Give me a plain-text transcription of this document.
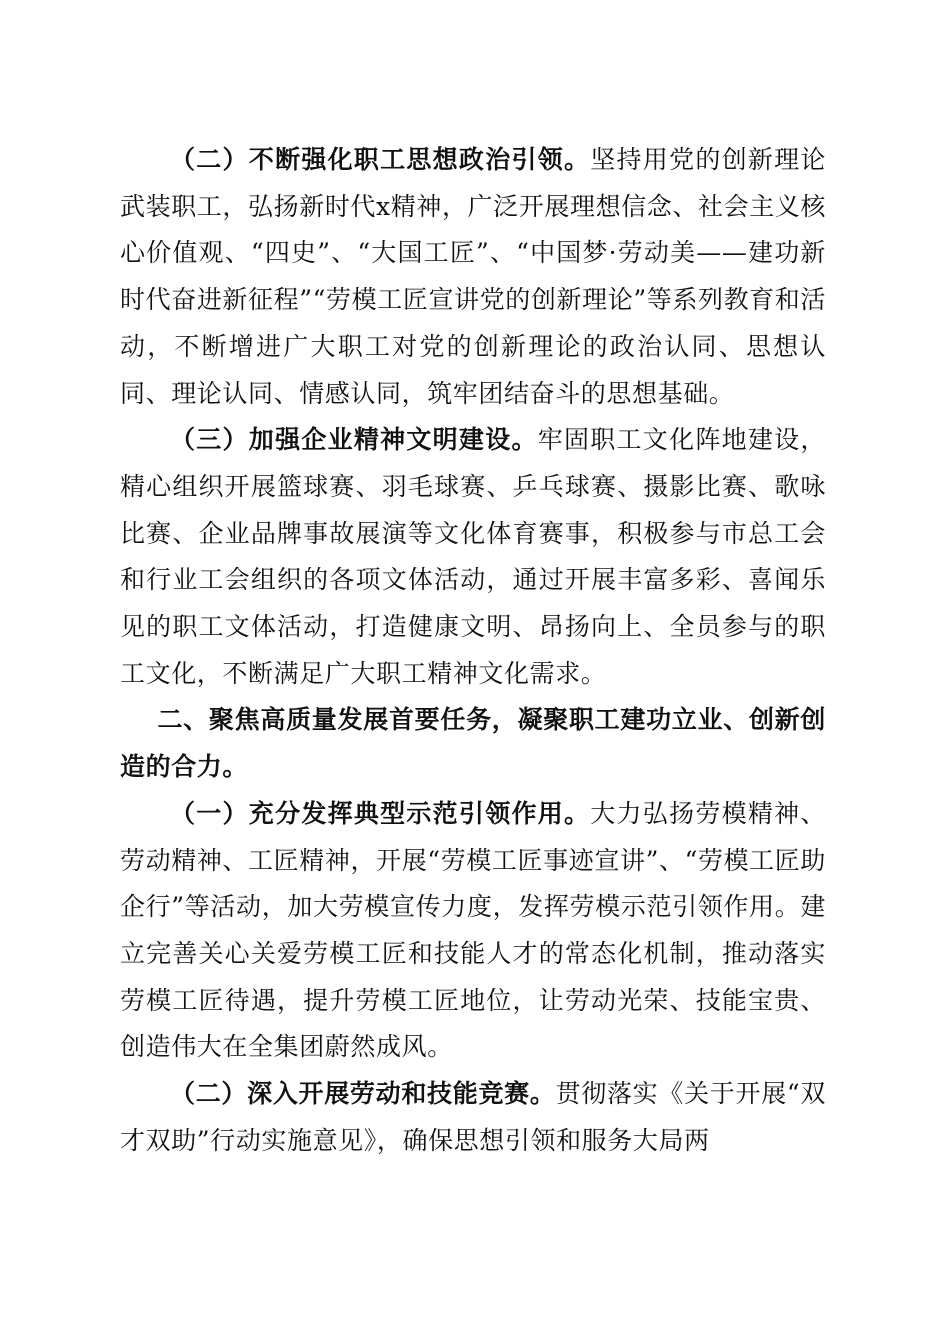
（二）不断强化职工思想政治引领。坚持用党的创新理论武装职工，弘扬新时代x精神，广泛开展理想信念、社会主义核心价值观、“四史”、“大国工匠”、“中国梦·劳动美——建功新时代奋进新征程”“劳模工匠宣讲党的创新理论”等系列教育和活动，不断增进广大职工对党的创新理论的政治认同、思想认同、理论认同、情感认同，筑牢团结奋斗的思想基础。

（三）加强企业精神文明建设。牢固职工文化阵地建设，精心组织开展篮球赛、羽毛球赛、乒乓球赛、摄影比赛、歌咏比赛、企业品牌事故展演等文化体育赛事，积极参与市总工会和行业工会组织的各项文体活动，通过开展丰富多彩、喜闻乐见的职工文体活动，打造健康文明、昂扬向上、全员参与的职工文化，不断满足广大职工精神文化需求。

二、聚焦高质量发展首要任务，凝聚职工建功立业、创新创造的合力。

（一）充分发挥典型示范引领作用。大力弘扬劳模精神、劳动精神、工匠精神，开展“劳模工匠事迹宣讲”、“劳模工匠助企行”等活动，加大劳模宣传力度，发挥劳模示范引领作用。建立完善关心关爱劳模工匠和技能人才的常态化机制，推动落实劳模工匠待遇，提升劳模工匠地位，让劳动光荣、技能宝贵、创造伟大在全集团蔚然成风。

（二）深入开展劳动和技能竞赛。贯彻落实《关于开展“双才双助”行动实施意见》，确保思想引领和服务大局两
